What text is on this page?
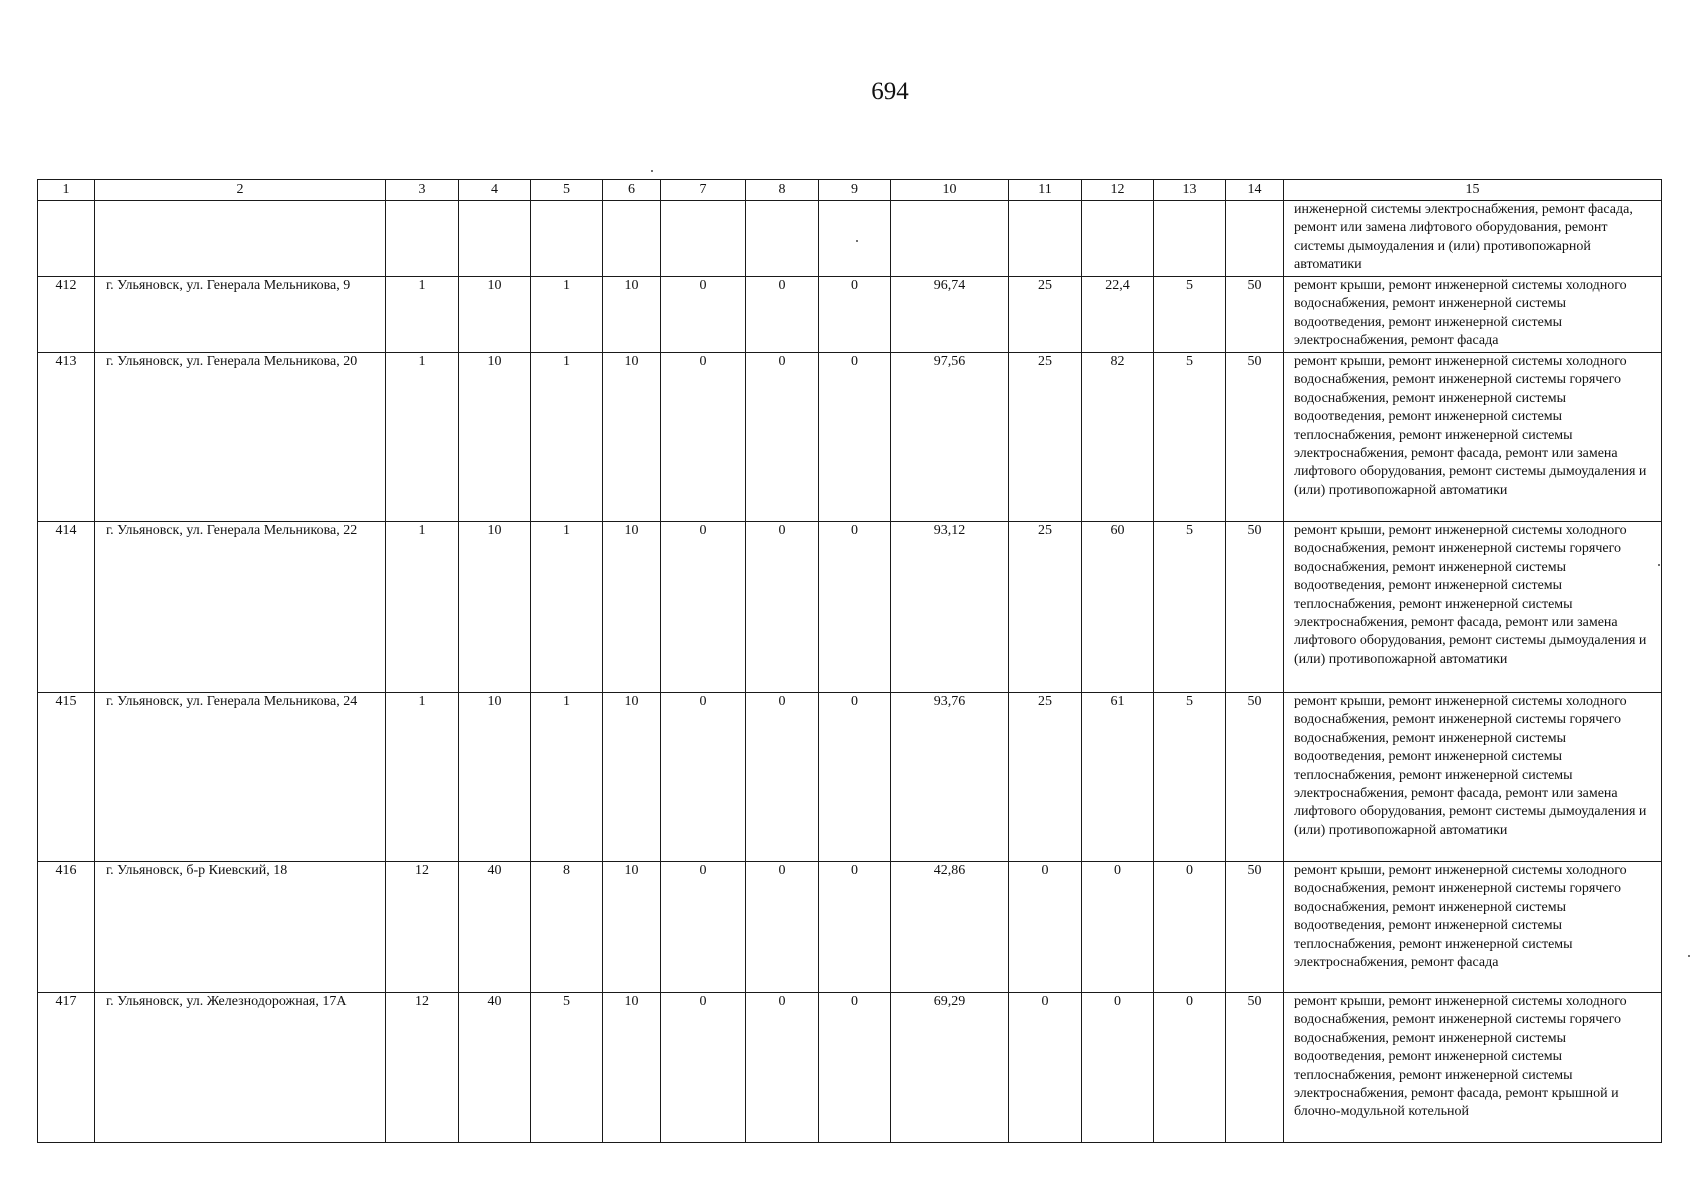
694
1	2	3	4	5	6	7	8	9	10	11	12	13	14	15
														инженерной системы электроснабжения, ремонт фасада, ремонт или замена лифтового оборудования, ремонт системы дымоудаления и (или) противопожарной автоматики
412	г. Ульяновск, ул. Генерала Мельникова, 9	1	10	1	10	0	0	0	96,74	25	22,4	5	50	ремонт крыши, ремонт инженерной системы холодного водоснабжения, ремонт инженерной системы водоотведения, ремонт инженерной системы электроснабжения, ремонт фасада
413	г. Ульяновск, ул. Генерала Мельникова, 20	1	10	1	10	0	0	0	97,56	25	82	5	50	ремонт крыши, ремонт инженерной системы холодного водоснабжения, ремонт инженерной системы горячего водоснабжения, ремонт инженерной системы водоотведения, ремонт инженерной системы теплоснабжения, ремонт инженерной системы электроснабжения, ремонт фасада, ремонт или замена лифтового оборудования, ремонт системы дымоудаления и (или) противопожарной автоматики
414	г. Ульяновск, ул. Генерала Мельникова, 22	1	10	1	10	0	0	0	93,12	25	60	5	50	ремонт крыши, ремонт инженерной системы холодного водоснабжения, ремонт инженерной системы горячего водоснабжения, ремонт инженерной системы водоотведения, ремонт инженерной системы теплоснабжения, ремонт инженерной системы электроснабжения, ремонт фасада, ремонт или замена лифтового оборудования, ремонт системы дымоудаления и (или) противопожарной автоматики
415	г. Ульяновск, ул. Генерала Мельникова, 24	1	10	1	10	0	0	0	93,76	25	61	5	50	ремонт крыши, ремонт инженерной системы холодного водоснабжения, ремонт инженерной системы горячего водоснабжения, ремонт инженерной системы водоотведения, ремонт инженерной системы теплоснабжения, ремонт инженерной системы электроснабжения, ремонт фасада, ремонт или замена лифтового оборудования, ремонт системы дымоудаления и (или) противопожарной автоматики
416	г. Ульяновск, б-р Киевский, 18	12	40	8	10	0	0	0	42,86	0	0	0	50	ремонт крыши, ремонт инженерной системы холодного водоснабжения, ремонт инженерной системы горячего водоснабжения, ремонт инженерной системы водоотведения, ремонт инженерной системы теплоснабжения, ремонт инженерной системы электроснабжения, ремонт фасада
417	г. Ульяновск, ул. Железнодорожная, 17А	12	40	5	10	0	0	0	69,29	0	0	0	50	ремонт крыши, ремонт инженерной системы холодного водоснабжения, ремонт инженерной системы горячего водоснабжения, ремонт инженерной системы водоотведения, ремонт инженерной системы теплоснабжения, ремонт инженерной системы электроснабжения, ремонт фасада, ремонт крышной и блочно-модульной котельной
